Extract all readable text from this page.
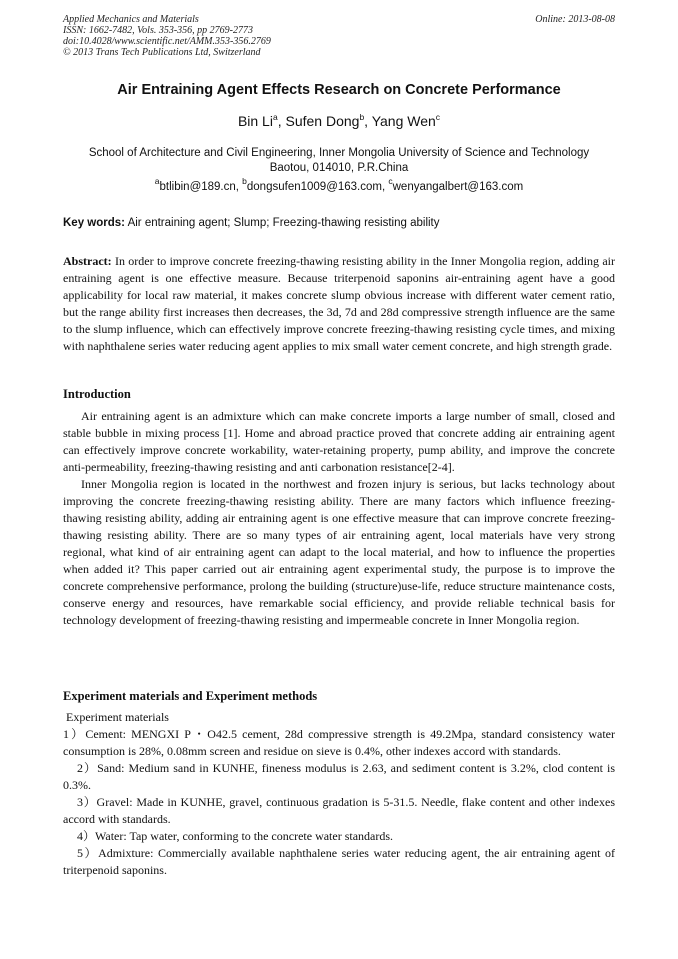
Applied Mechanics and Materials
ISSN: 1662-7482, Vols. 353-356, pp 2769-2773
doi:10.4028/www.scientific.net/AMM.353-356.2769
© 2013 Trans Tech Publications Ltd, Switzerland
Online: 2013-08-08
Air Entraining Agent Effects Research on Concrete Performance
Bin Li$^a$, Sufen Dong$^b$, Yang Wen$^c$
School of Architecture and Civil Engineering, Inner Mongolia University of Science and Technology
Baotou, 014010, P.R.China
$^a$btlibin@189.cn, $^b$dongsufen1009@163.com, $^c$wenyangalbert@163.com
Key words: Air entraining agent; Slump; Freezing-thawing resisting ability
Abstract: In order to improve concrete freezing-thawing resisting ability in the Inner Mongolia region, adding air entraining agent is one effective measure. Because triterpenoid saponins air-entraining agent have a good applicability for local raw material, it makes concrete slump obvious increase with different water cement ratio, but the range ability first increases then decreases, the 3d, 7d and 28d compressive strength influence are the same to the slump influence, which can effectively improve concrete freezing-thawing resisting cycle times, and mixing with naphthalene series water reducing agent applies to mix small water cement concrete, and high strength grade.
Introduction

Air entraining agent is an admixture which can make concrete imports a large number of small, closed and stable bubble in mixing process [1]. Home and abroad practice proved that concrete adding air entraining agent can effectively improve concrete workability, water-retaining property, pump ability, and improve the concrete anti-permeability, freezing-thawing resisting and anti carbonation resistance[2-4].

Inner Mongolia region is located in the northwest and frozen injury is serious, but lacks technology about improving the concrete freezing-thawing resisting ability. There are many factors which influence freezing-thawing resisting ability, adding air entraining agent is one effective measure that can improve concrete freezing-thawing resisting ability. There are so many types of air entraining agent, local materials have very strong regional, what kind of air entraining agent can adapt to the local material, and how to influence the properties when added it? This paper carried out air entraining agent experimental study, the purpose is to improve the concrete comprehensive performance, prolong the building (structure)use-life, reduce structure maintenance costs, conserve energy and resources, have remarkable social efficiency, and provide reliable technical basis for technology development of freezing-thawing resisting and impermeable concrete in Inner Mongolia region.

Experiment materials and Experiment methods

Experiment materials

1）Cement: MENGXI P・O42.5 cement, 28d compressive strength is 49.2Mpa, standard consistency water consumption is 28%, 0.08mm screen and residue on sieve is 0.4%, other indexes accord with standards.

2）Sand: Medium sand in KUNHE, fineness modulus is 2.63, and sediment content is 3.2%, clod content is 0.3%.

3）Gravel: Made in KUNHE, gravel, continuous gradation is 5-31.5. Needle, flake content and other indexes accord with standards.

4）Water: Tap water, conforming to the concrete water standards.

5）Admixture: Commercially available naphthalene series water reducing agent, the air entraining agent of triterpenoid saponins.
